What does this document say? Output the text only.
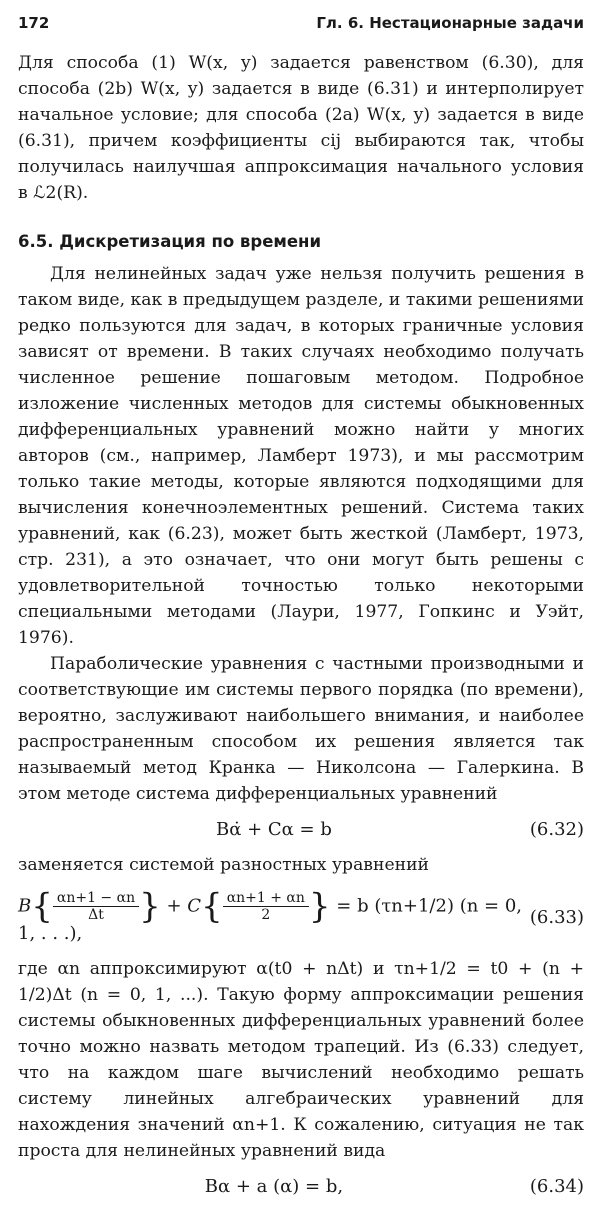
172	Гл. 6. Нестационарные задачи

Для способа (1) W(x, y) задается равенством (6.30), для способа (2b) W(x, y) задается в виде (6.31) и интерполирует начальное условие; для способа (2a) W(x, y) задается в виде (6.31), причем коэффициенты cij выбираются так, чтобы получилась наилучшая аппроксимация начального условия в ℒ2(R).

6.5. Дискретизация по времени

Для нелинейных задач уже нельзя получить решения в таком виде, как в предыдущем разделе, и такими решениями редко пользуются для задач, в которых граничные условия зависят от времени. В таких случаях необходимо получать численное решение пошаговым методом. Подробное изложение численных методов для системы обыкновенных дифференциальных уравнений можно найти у многих авторов (см., например, Ламберт 1973), и мы рассмотрим только такие методы, которые являются подходящими для вычисления конечноэлементных решений. Система таких уравнений, как (6.23), может быть жесткой (Ламберт, 1973, стр. 231), а это означает, что они могут быть решены с удовлетворительной точностью только некоторыми специальными методами (Лаури, 1977, Гопкинс и Уэйт, 1976).

Параболические уравнения с частными производными и соответствующие им системы первого порядка (по времени), вероятно, заслуживают наибольшего внимания, и наиболее распространенным способом их решения является так называемый метод Кранка — Николсона — Галеркина. В этом методе система дифференциальных уравнений

Bα̇ + Cα = b	(6.32)

заменяется системой разностных уравнений

$B\{ \frac{\alpha n+1 - \alpha n}{\Delta t}$ } + $C\{ \frac{\alpha n+1 + \alpha n}{2}$ } = b (τn+1/2) (n = 0, 1, . . .),
(6.33)

где αn аппроксимируют α(t0 + nΔt) и τn+1/2 = t0 + (n + 1/2)Δt (n = 0, 1, ...). Такую форму аппроксимации решения системы обыкновенных дифференциальных уравнений более точно можно назвать методом трапеций. Из (6.33) следует, что на каждом шаге вычислений необходимо решать систему линейных алгебраических уравнений для нахождения значений αn+1. К сожалению, ситуация не так проста для нелинейных уравнений вида

Bα + a (α) = b,	(6.34)
